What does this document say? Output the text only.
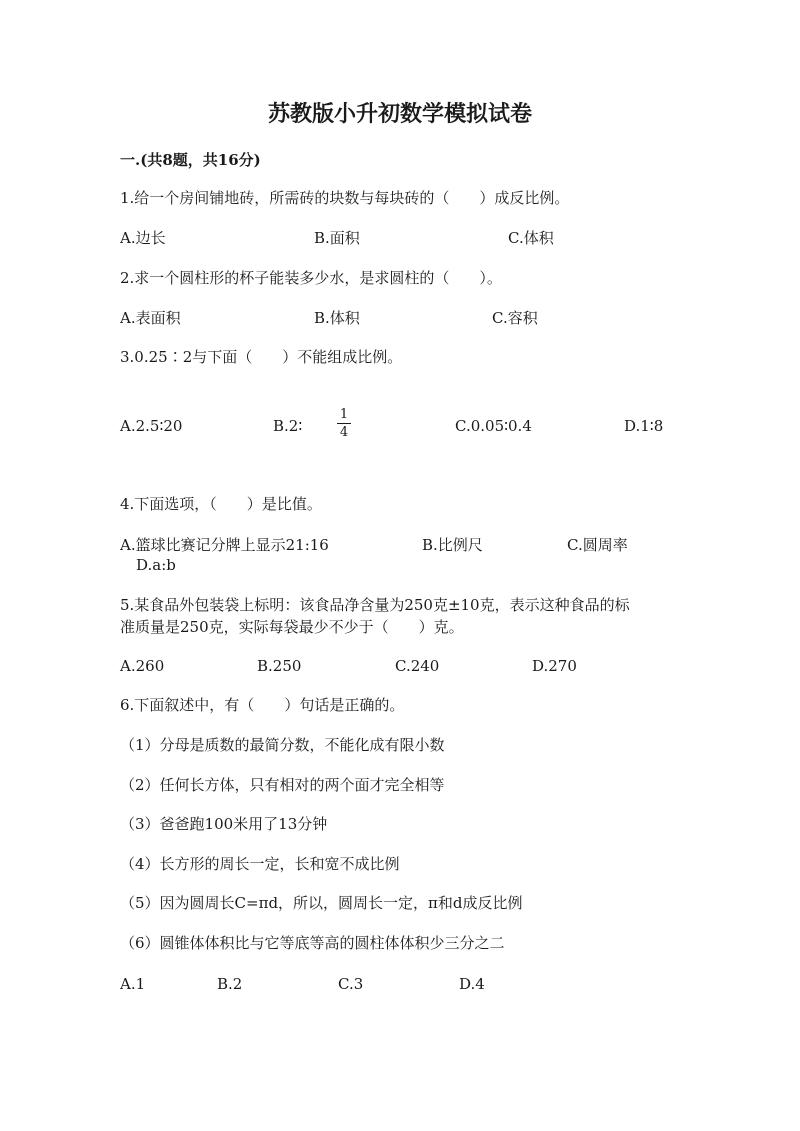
苏教版小升初数学模拟试卷
一.(共8题，共16分)
1.给一个房间铺地砖，所需砖的块数与每块砖的（　　）成反比例。
A.边长	B.面积	C.体积
2.求一个圆柱形的杯子能装多少水，是求圆柱的（　　）。
A.表面积	B.体积	C.容积
3.0.25∶2与下面（　　）不能组成比例。
A.2.5∶20	B.2∶
1
4	C.0.05∶0.4	D.1∶8
4.下面选项，（　　）是比值。
A.篮球比赛记分牌上显示21:16	B.比例尺	C.圆周率
D.a:b
5.某食品外包装袋上标明：该食品净含量为250克±10克，表示这种食品的标
准质量是250克，实际每袋最少不少于（　　）克。
A.260	B.250	C.240	D.270
6.下面叙述中，有（　　）句话是正确的。
（1）分母是质数的最简分数，不能化成有限小数
（2）任何长方体，只有相对的两个面才完全相等
（3）爸爸跑100米用了13分钟
（4）长方形的周长一定，长和宽不成比例
（5）因为圆周长C=πd，所以，圆周长一定，π和d成反比例
（6）圆锥体体积比与它等底等高的圆柱体体积少三分之二
A.1	B.2	C.3	D.4
